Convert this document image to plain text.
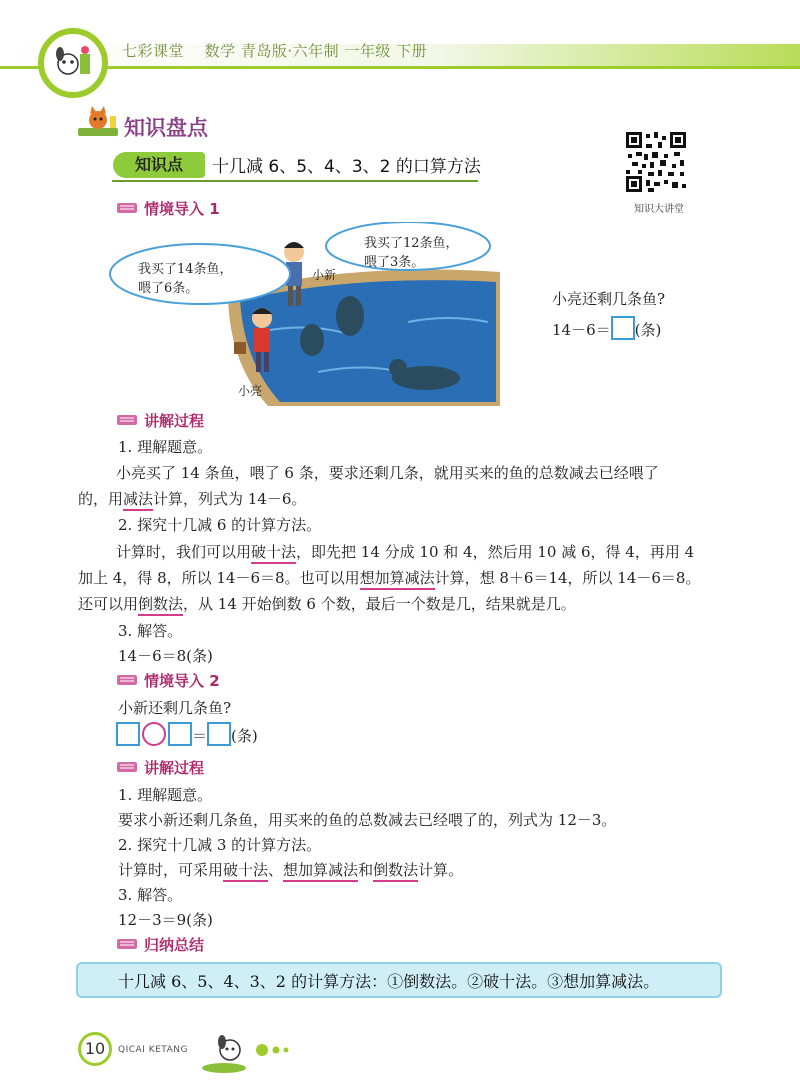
七彩课堂 数学 青岛版·六年制 一年级 下册
知识盘点
知识点	十几减 6、5、4、3、2 的口算方法
知识大讲堂
情境导入 1
我买了14条鱼，
喂了6条。
我买了12条鱼，
喂了3条。
小新
小亮
小亮还剩几条鱼?
14－6＝ (条)
讲解过程
1. 理解题意。
小亮买了 14 条鱼，喂了 6 条，要求还剩几条，就用买来的鱼的总数减去已经喂了
的，用减法计算，列式为 14－6。
2. 探究十几减 6 的计算方法。
计算时，我们可以用破十法，即先把 14 分成 10 和 4，然后用 10 减 6，得 4，再用 4
加上 4，得 8，所以 14－6＝8。也可以用想加算减法计算，想 8＋6＝14，所以 14－6＝8。
还可以用倒数法，从 14 开始倒数 6 个数，最后一个数是几，结果就是几。
3. 解答。
14－6＝8(条)
情境导入 2
小新还剩几条鱼?
＝ (条)
讲解过程
1. 理解题意。
要求小新还剩几条鱼，用买来的鱼的总数减去已经喂了的，列式为 12－3。
2. 探究十几减 3 的计算方法。
计算时，可采用破十法、想加算减法和倒数法计算。
3. 解答。
12－3＝9(条)
归纳总结
十几减 6、5、4、3、2 的计算方法：①倒数法。②破十法。③想加算减法。
10	QICAI KETANG
